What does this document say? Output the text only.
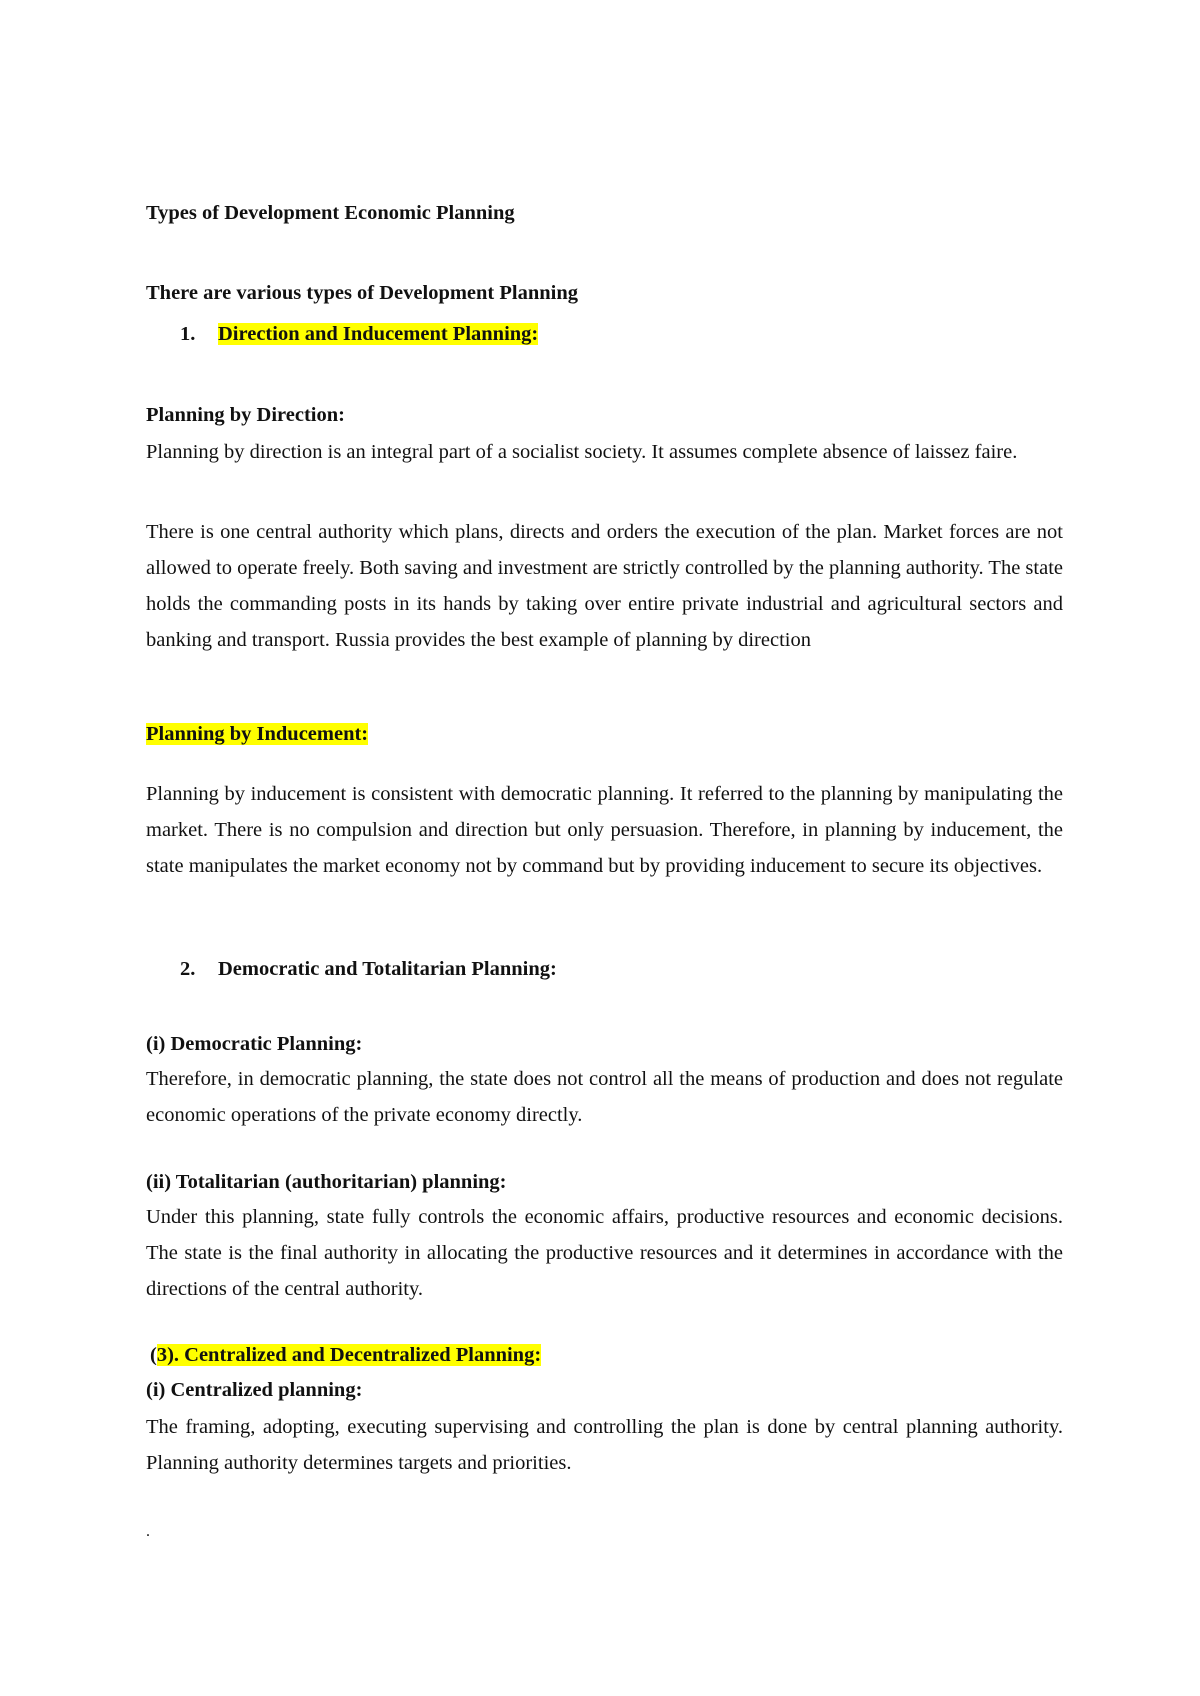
Types of Development Economic Planning
There are various types of Development Planning
1. Direction and Inducement Planning:
Planning by Direction:

Planning by direction is an integral part of a socialist society. It assumes complete absence of laissez faire.

There is one central authority which plans, directs and orders the execution of the plan. Market forces are not allowed to operate freely. Both saving and investment are strictly controlled by the planning authority. The state holds the commanding posts in its hands by taking over entire private industrial and agricultural sectors and banking and transport. Russia provides the best example of planning by direction

Planning by Inducement:

Planning by inducement is consistent with democratic planning. It referred to the planning by manipulating the market. There is no compulsion and direction but only persuasion. Therefore, in planning by inducement, the state manipulates the market economy not by command but by providing inducement to secure its objectives.

2. Democratic and Totalitarian Planning:
(i) Democratic Planning:

Therefore, in democratic planning, the state does not control all the means of production and does not regulate economic operations of the private economy directly.

(ii) Totalitarian (authoritarian) planning:

Under this planning, state fully controls the economic affairs, productive resources and economic decisions. The state is the final authority in allocating the productive resources and it determines in accordance with the directions of the central authority.

(3). Centralized and Decentralized Planning:
(i) Centralized planning:

The framing, adopting, executing supervising and controlling the plan is done by central planning authority. Planning authority determines targets and priorities.

.
